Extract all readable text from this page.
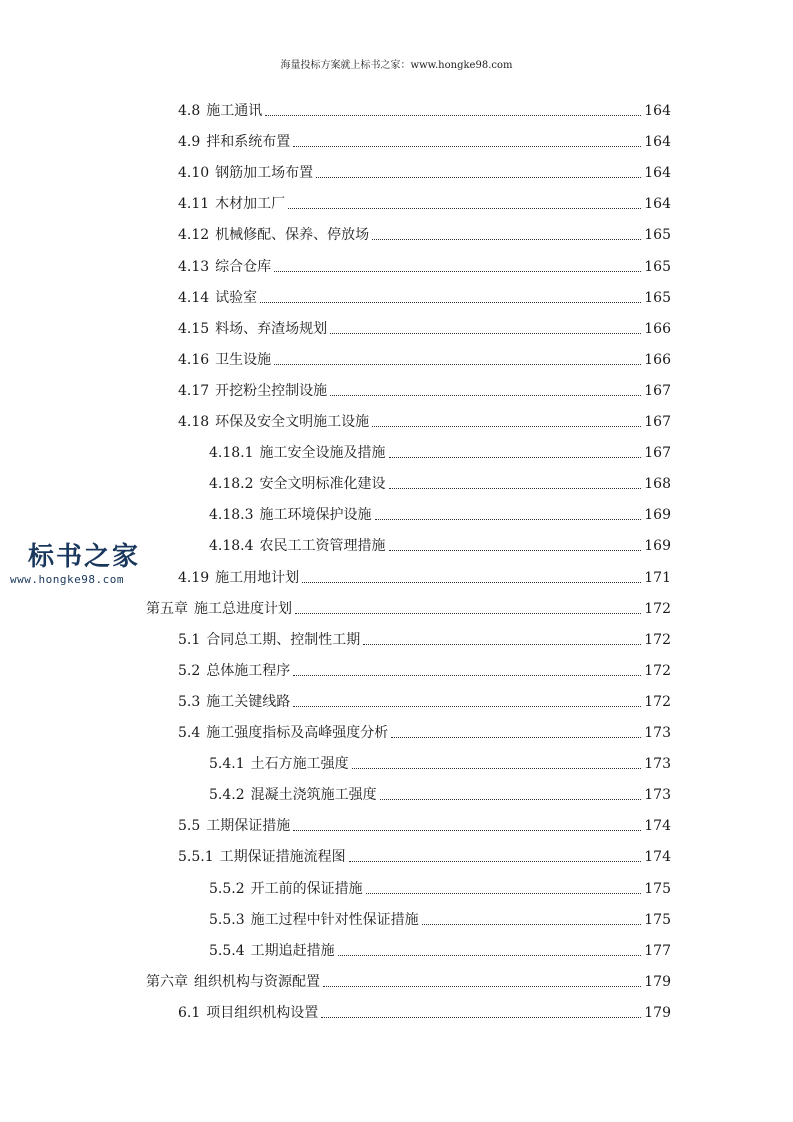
海量投标方案就上标书之家：www.hongke98.com
4.8 施工通讯	164
4.9 拌和系统布置	164
4.10 钢筋加工场布置	164
4.11 木材加工厂	164
4.12 机械修配、保养、停放场	165
4.13 综合仓库	165
4.14 试验室	165
4.15 料场、弃渣场规划	166
4.16 卫生设施	166
4.17 开挖粉尘控制设施	167
4.18 环保及安全文明施工设施	167
4.18.1 施工安全设施及措施	167
4.18.2 安全文明标准化建设	168
4.18.3 施工环境保护设施	169
4.18.4 农民工工资管理措施	169
4.19 施工用地计划	171
第五章 施工总进度计划	172
5.1 合同总工期、控制性工期	172
5.2 总体施工程序	172
5.3 施工关键线路	172
5.4 施工强度指标及高峰强度分析	173
5.4.1 土石方施工强度	173
5.4.2 混凝土浇筑施工强度	173
5.5 工期保证措施	174
5.5.1 工期保证措施流程图	174
5.5.2 开工前的保证措施	175
5.5.3 施工过程中针对性保证措施	175
5.5.4 工期追赶措施	177
第六章 组织机构与资源配置	179
6.1 项目组织机构设置	179
标书之家
www.hongke98.com
